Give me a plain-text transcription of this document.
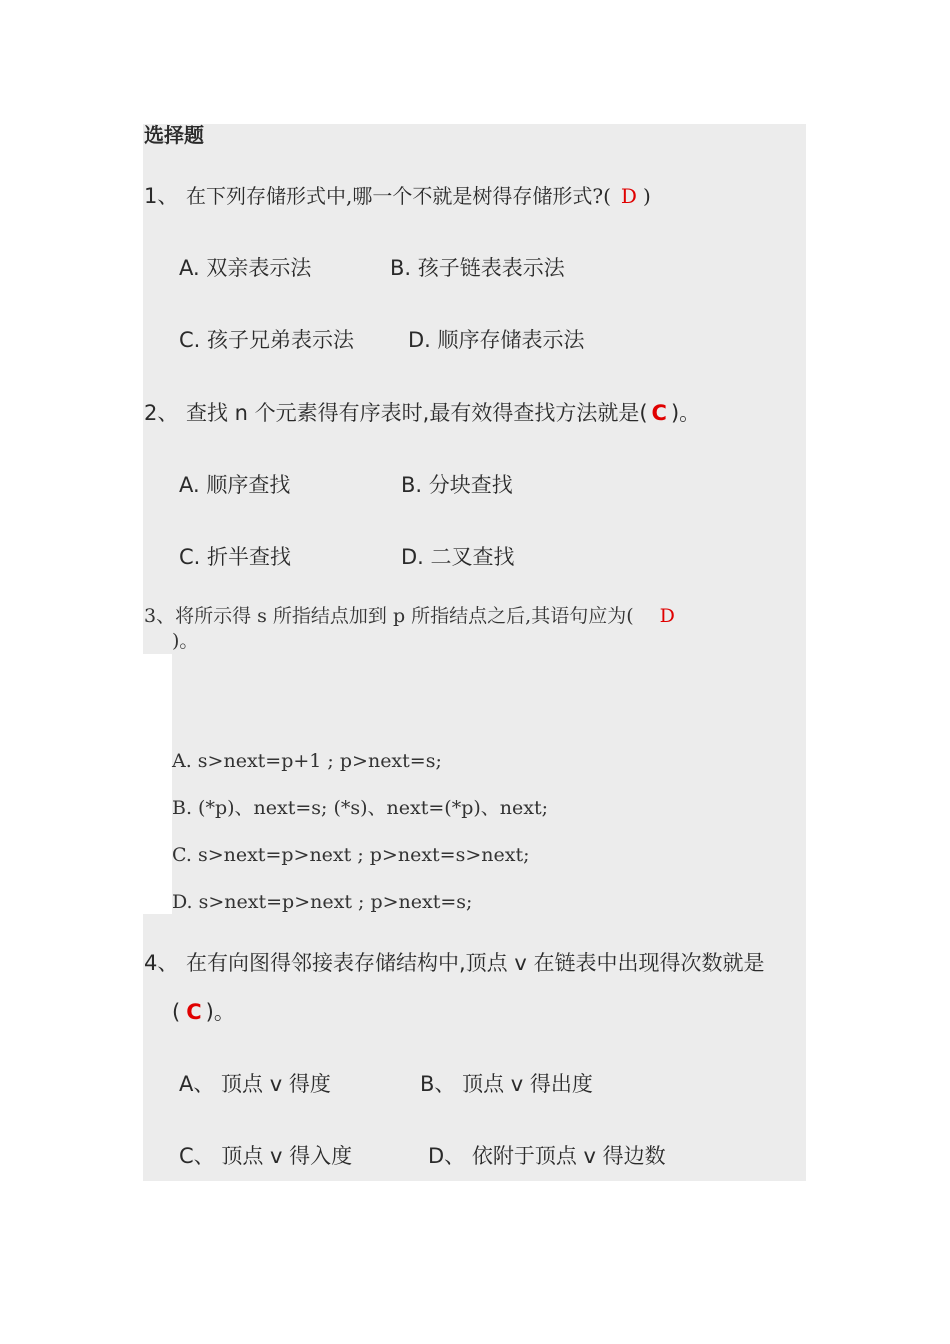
选择题
1、 在下列存储形式中,哪一个不就是树得存储形式?( D )
A. 双亲表示法	B. 孩子链表表示法
C. 孩子兄弟表示法	D. 顺序存储表示法
2、 查找 n 个元素得有序表时,最有效得查找方法就是( C )。
A. 顺序查找	B. 分块查找
C. 折半查找	D. 二叉查找
3、将所示得 s 所指结点加到 p 所指结点之后,其语句应为( D
)。
A. s>next=p+1 ; p>next=s;
B. (*p)、next=s; (*s)、next=(*p)、next;
C. s>next=p>next ; p>next=s>next;
D. s>next=p>next ; p>next=s;
4、 在有向图得邻接表存储结构中,顶点 v 在链表中出现得次数就是
( C )。
A、 顶点 v 得度	B、 顶点 v 得出度
C、 顶点 v 得入度	D、 依附于顶点 v 得边数
